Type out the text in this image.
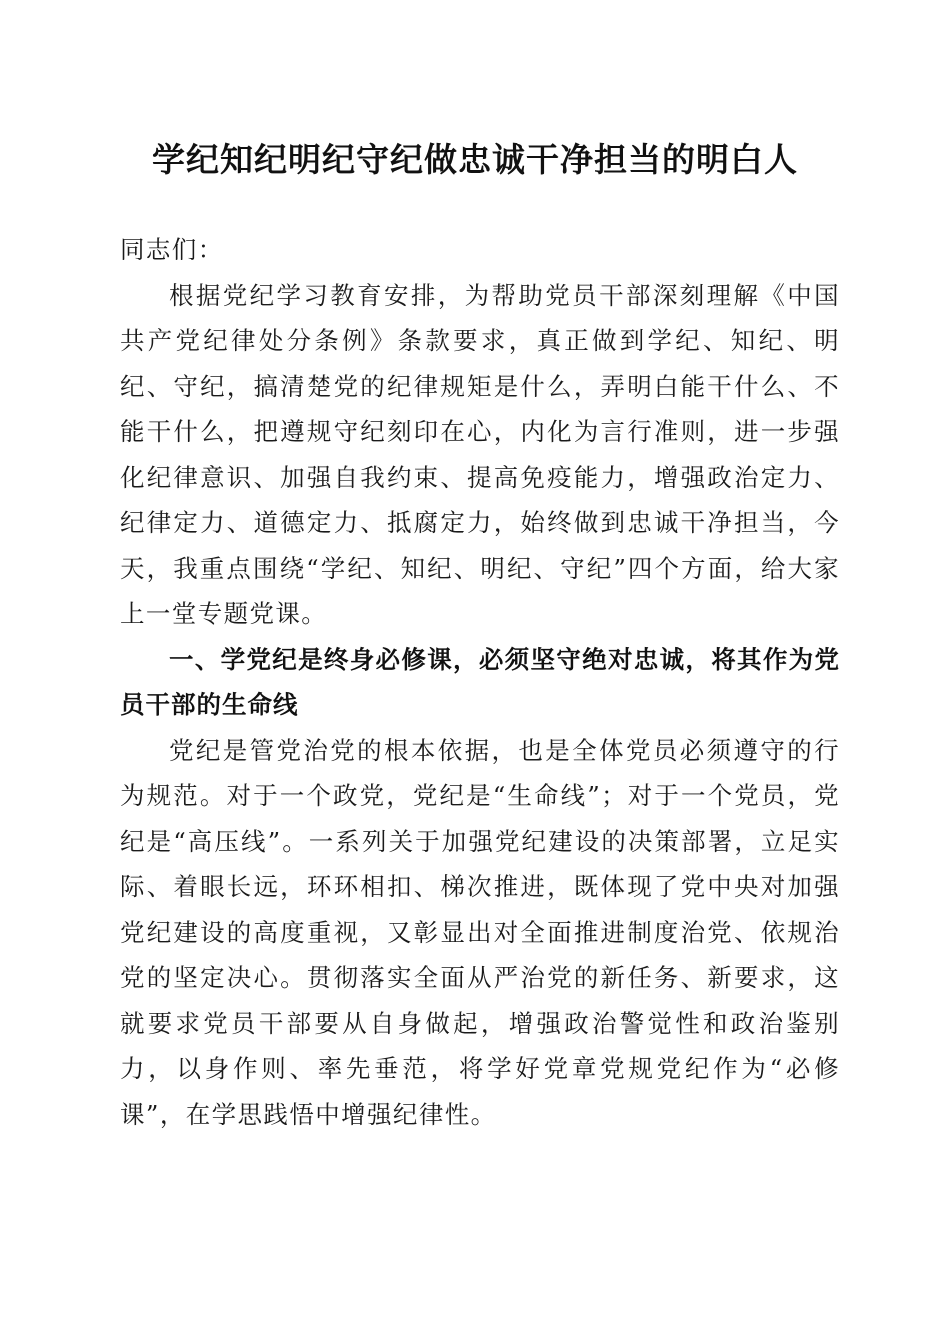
学纪知纪明纪守纪做忠诚干净担当的明白人

同志们：

根据党纪学习教育安排，为帮助党员干部深刻理解《中国共产党纪律处分条例》条款要求，真正做到学纪、知纪、明纪、守纪，搞清楚党的纪律规矩是什么，弄明白能干什么、不能干什么，把遵规守纪刻印在心，内化为言行准则，进一步强化纪律意识、加强自我约束、提高免疫能力，增强政治定力、纪律定力、道德定力、抵腐定力，始终做到忠诚干净担当，今天，我重点围绕“学纪、知纪、明纪、守纪”四个方面，给大家上一堂专题党课。

一、学党纪是终身必修课，必须坚守绝对忠诚，将其作为党员干部的生命线

党纪是管党治党的根本依据，也是全体党员必须遵守的行为规范。对于一个政党，党纪是“生命线”；对于一个党员，党纪是“高压线”。一系列关于加强党纪建设的决策部署，立足实际、着眼长远，环环相扣、梯次推进，既体现了党中央对加强党纪建设的高度重视，又彰显出对全面推进制度治党、依规治党的坚定决心。贯彻落实全面从严治党的新任务、新要求，这就要求党员干部要从自身做起，增强政治警觉性和政治鉴别力，以身作则、率先垂范，将学好党章党规党纪作为“必修课”，在学思践悟中增强纪律性。
